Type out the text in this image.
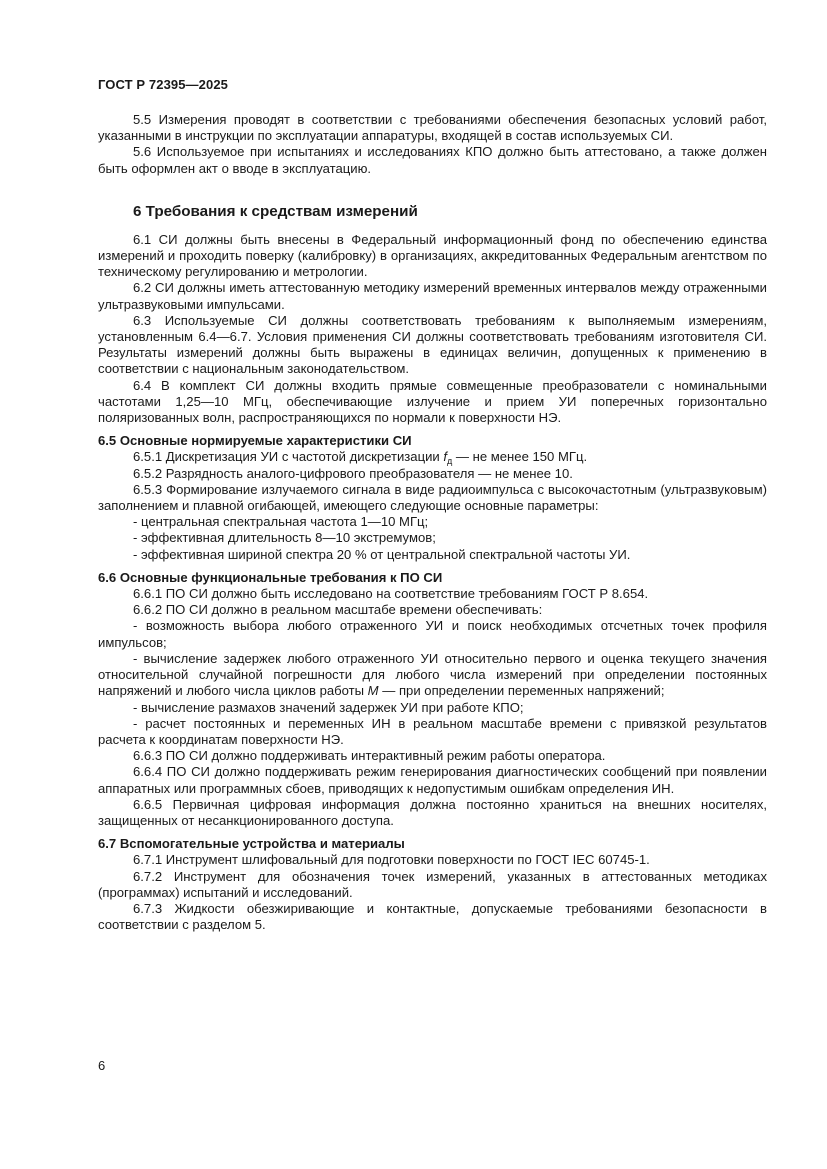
ГОСТ Р 72395—2025

5.5 Измерения проводят в соответствии с требованиями обеспечения безопасных условий работ, указанными в инструкции по эксплуатации аппаратуры, входящей в состав используемых СИ.

5.6 Используемое при испытаниях и исследованиях КПО должно быть аттестовано, а также должен быть оформлен акт о вводе в эксплуатацию.

6 Требования к средствам измерений

6.1 СИ должны быть внесены в Федеральный информационный фонд по обеспечению единства измерений и проходить поверку (калибровку) в организациях, аккредитованных Федеральным агентством по техническому регулированию и метрологии.

6.2 СИ должны иметь аттестованную методику измерений временных интервалов между отраженными ультразвуковыми импульсами.

6.3 Используемые СИ должны соответствовать требованиям к выполняемым измерениям, установленным 6.4—6.7. Условия применения СИ должны соответствовать требованиям изготовителя СИ. Результаты измерений должны быть выражены в единицах величин, допущенных к применению в соответствии с национальным законодательством.

6.4 В комплект СИ должны входить прямые совмещенные преобразователи с номинальными частотами 1,25—10 МГц, обеспечивающие излучение и прием УИ поперечных горизонтально поляризованных волн, распространяющихся по нормали к поверхности НЭ.

6.5 Основные нормируемые характеристики СИ

6.5.1 Дискретизация УИ с частотой дискретизации $f_д$ — не менее 150 МГц.

6.5.2 Разрядность аналого-цифрового преобразователя — не менее 10.

6.5.3 Формирование излучаемого сигнала в виде радиоимпульса с высокочастотным (ультразвуковым) заполнением и плавной огибающей, имеющего следующие основные параметры:

- центральная спектральная частота 1—10 МГц;

- эффективная длительность 8—10 экстремумов;

- эффективная шириной спектра 20 % от центральной спектральной частоты УИ.

6.6 Основные функциональные требования к ПО СИ

6.6.1 ПО СИ должно быть исследовано на соответствие требованиям ГОСТ Р 8.654.

6.6.2 ПО СИ должно в реальном масштабе времени обеспечивать:

- возможность выбора любого отраженного УИ и поиск необходимых отсчетных точек профиля импульсов;

- вычисление задержек любого отраженного УИ относительно первого и оценка текущего значения относительной случайной погрешности для любого числа измерений при определении постоянных напряжений и любого числа циклов работы M — при определении переменных напряжений;

- вычисление размахов значений задержек УИ при работе КПО;

- расчет постоянных и переменных ИН в реальном масштабе времени с привязкой результатов расчета к координатам поверхности НЭ.

6.6.3 ПО СИ должно поддерживать интерактивный режим работы оператора.

6.6.4 ПО СИ должно поддерживать режим генерирования диагностических сообщений при появлении аппаратных или программных сбоев, приводящих к недопустимым ошибкам определения ИН.

6.6.5 Первичная цифровая информация должна постоянно храниться на внешних носителях, защищенных от несанкционированного доступа.

6.7 Вспомогательные устройства и материалы

6.7.1 Инструмент шлифовальный для подготовки поверхности по ГОСТ IEC 60745-1.

6.7.2 Инструмент для обозначения точек измерений, указанных в аттестованных методиках (программах) испытаний и исследований.

6.7.3 Жидкости обезжиривающие и контактные, допускаемые требованиями безопасности в соответствии с разделом 5.

6
